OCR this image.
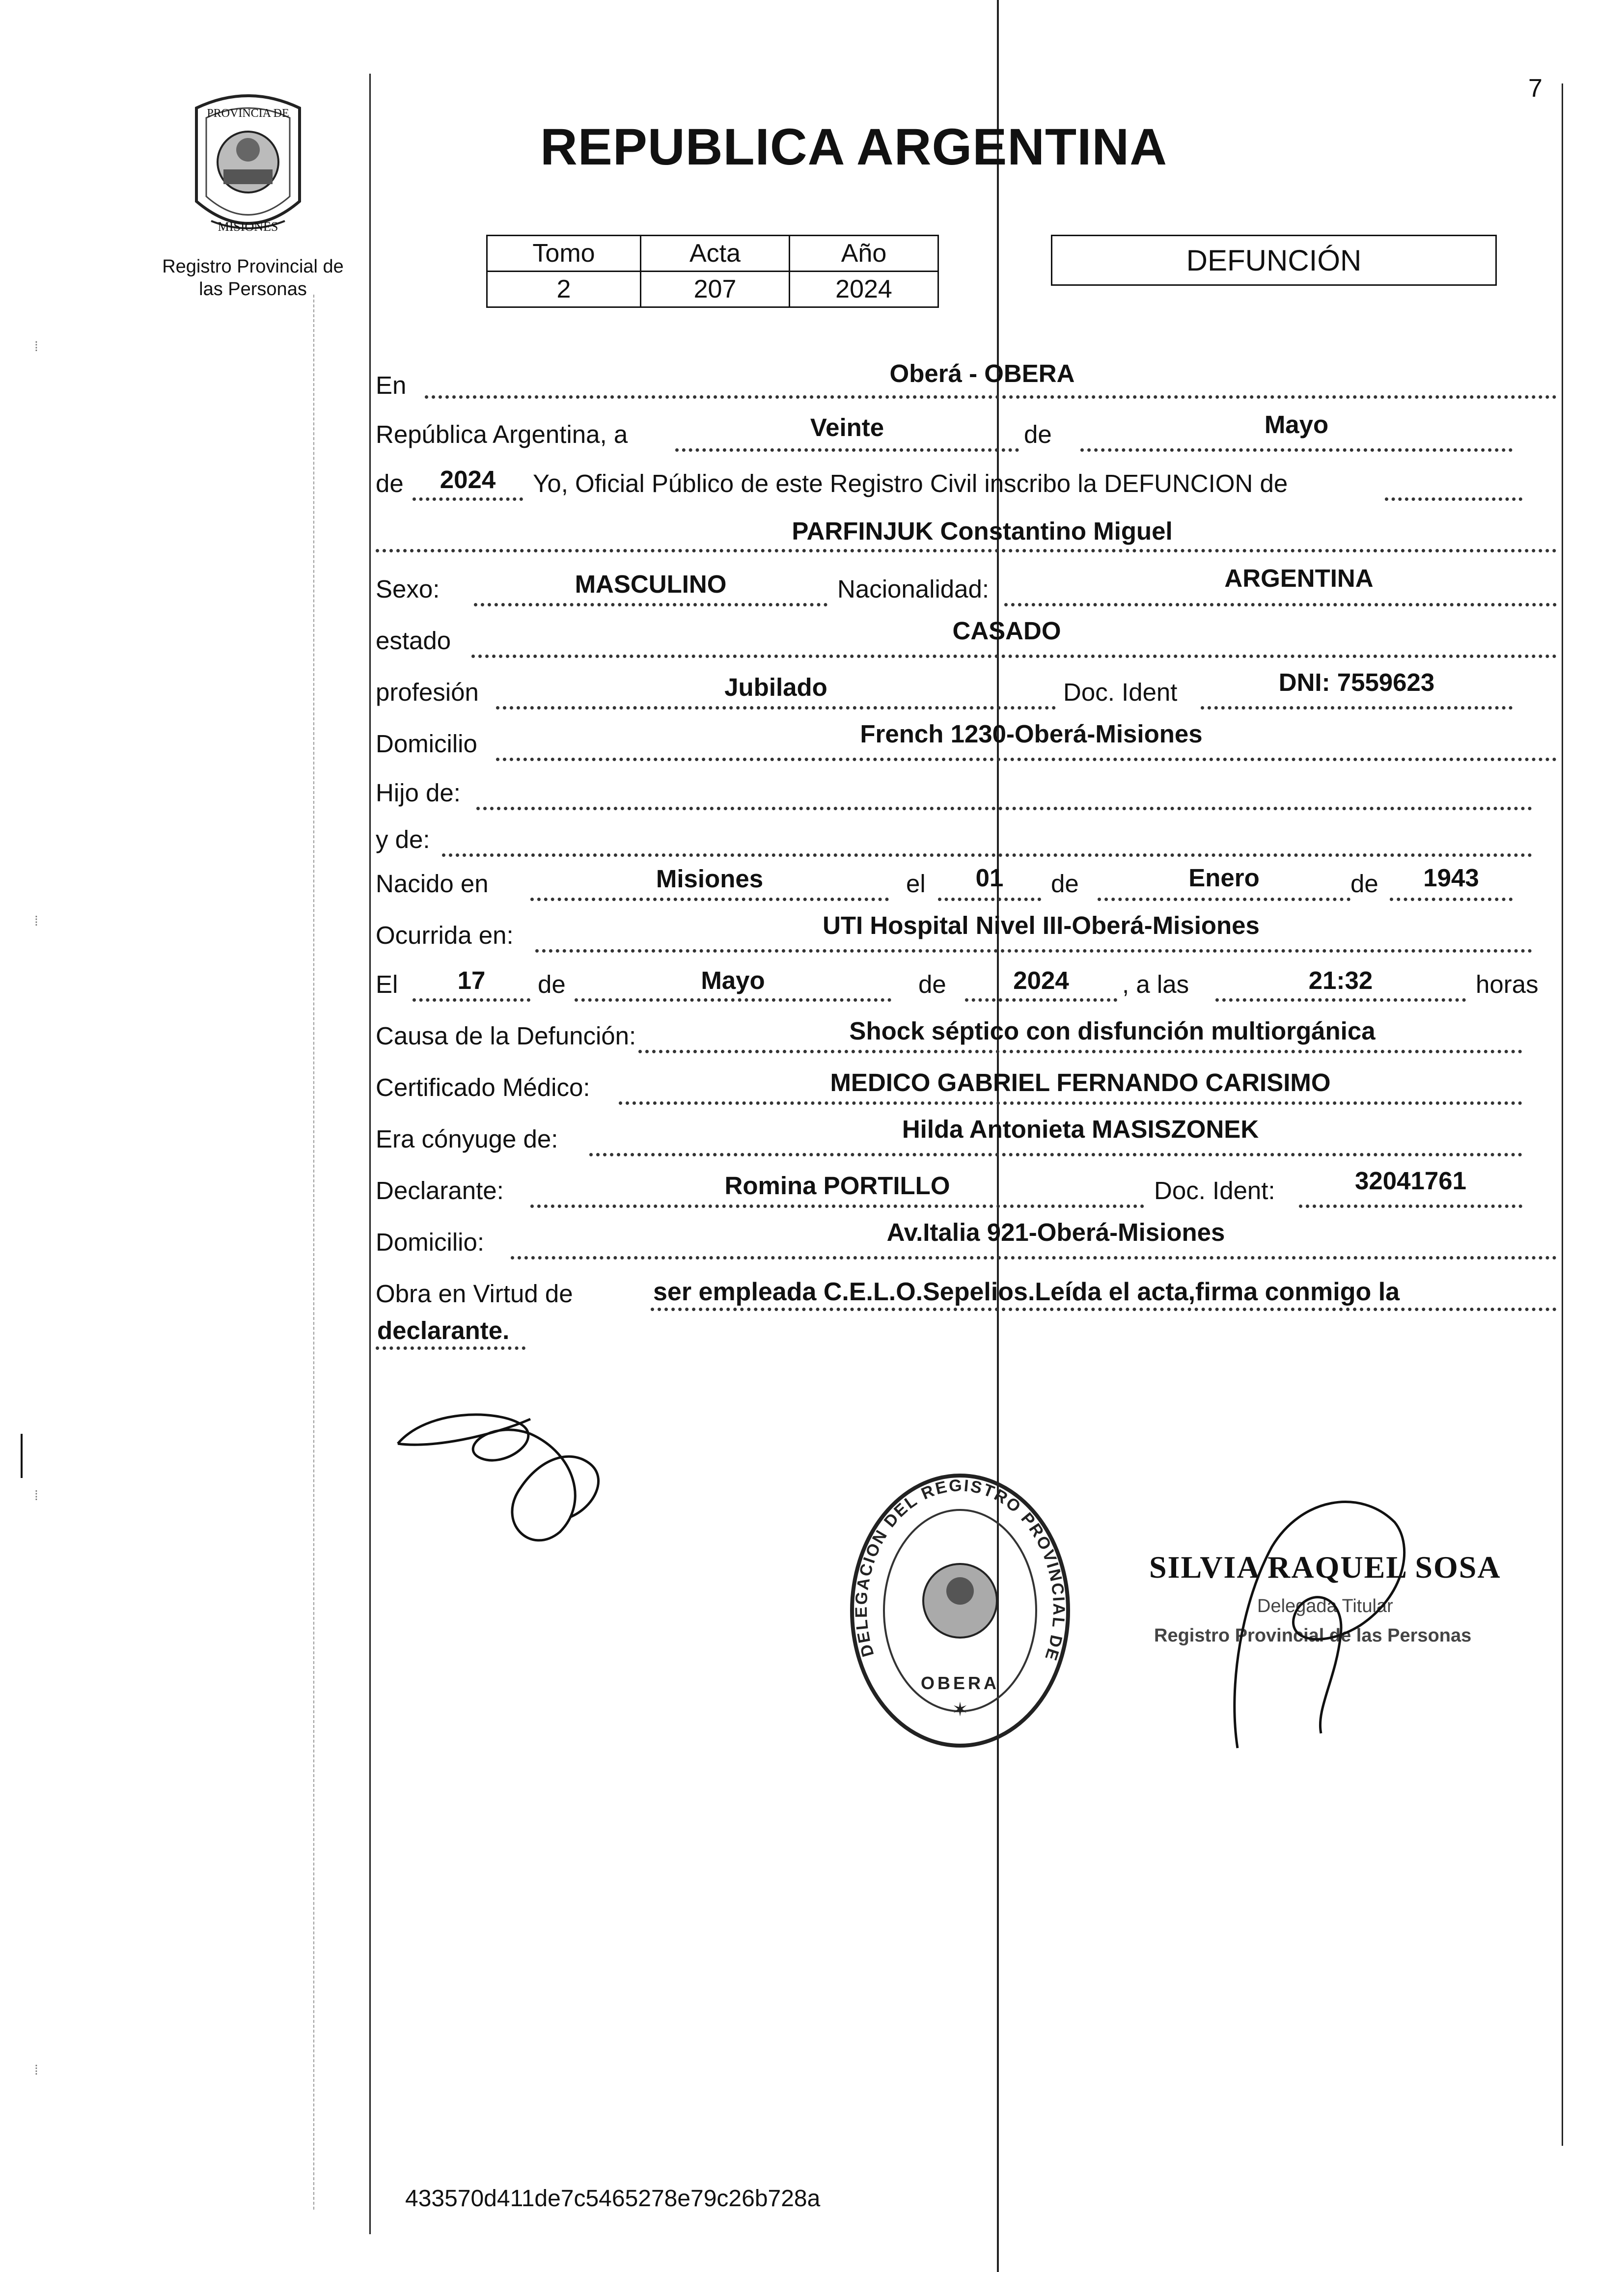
7
⁞
⁞
⁞
⁞
PROVINCIA DE
MISIONES
Registro Provincial de
las Personas
REPUBLICA ARGENTINA
Tomo	Acta	Año
2	207	2024
DEFUNCIÓN
En	Oberá - OBERA
República Argentina, a	Veinte	de	Mayo
de	2024	Yo, Oficial Público de este Registro Civil inscribo la DEFUNCION de
PARFINJUK Constantino Miguel
Sexo:	MASCULINO	Nacionalidad:	ARGENTINA
estado	CASADO
profesión	Jubilado	Doc. Ident	DNI: 7559623
Domicilio	French 1230-Oberá-Misiones
Hijo de:
y de:
Nacido en	Misiones	el	01	de	Enero	de	1943
Ocurrida en:	UTI Hospital Nivel III-Oberá-Misiones
El	17	de	Mayo	de	2024	, a las	21:32	horas
Causa de la Defunción:	Shock séptico con disfunción multiorgánica
Certificado Médico:	MEDICO GABRIEL FERNANDO CARISIMO
Era cónyuge de:	Hilda Antonieta MASISZONEK
Declarante:	Romina PORTILLO	Doc. Ident:	32041761
Domicilio:	Av.Italia 921-Oberá-Misiones
Obra en Virtud de	ser empleada C.E.L.O.Sepelios.Leída el acta,firma conmigo la
declarante.
DELEGACION DEL REGISTRO PROVINCIAL DE
OBERA
✶
SILVIA RAQUEL SOSA
Delegada Titular
Registro Provincial de las Personas
433570d411de7c5465278e79c26b728a
